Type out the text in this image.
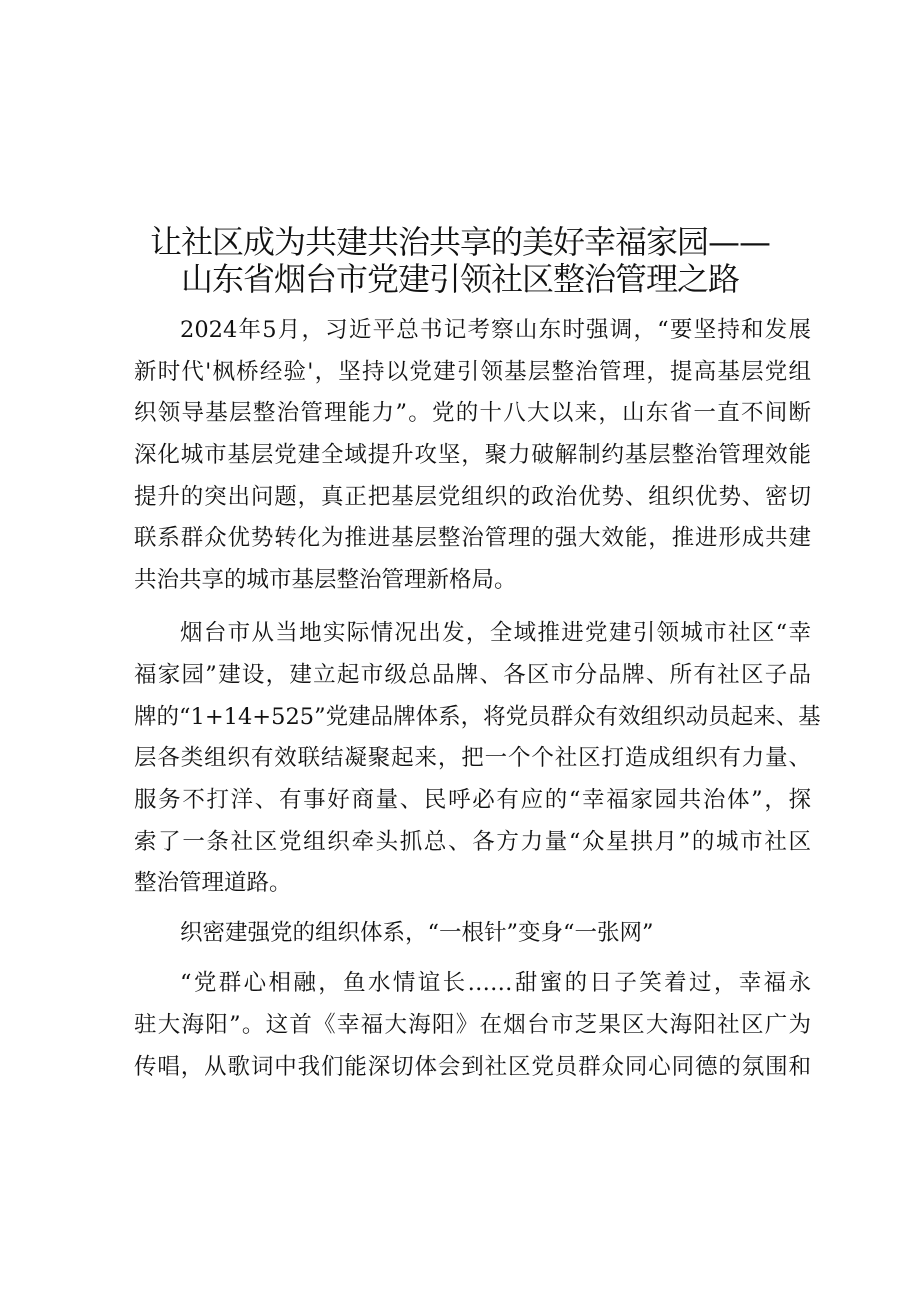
让社区成为共建共治共享的美好幸福家园——
山东省烟台市党建引领社区整治管理之路
2024年5月，习近平总书记考察山东时强调，“要坚持和发展
新时代'枫桥经验'，坚持以党建引领基层整治管理，提高基层党组
织领导基层整治管理能力”。党的十八大以来，山东省一直不间断
深化城市基层党建全域提升攻坚，聚力破解制约基层整治管理效能
提升的突出问题，真正把基层党组织的政治优势、组织优势、密切
联系群众优势转化为推进基层整治管理的强大效能，推进形成共建
共治共享的城市基层整治管理新格局。
烟台市从当地实际情况出发，全域推进党建引领城市社区“幸
福家园”建设，建立起市级总品牌、各区市分品牌、所有社区子品
牌的“1+14+525”党建品牌体系，将党员群众有效组织动员起来、基
层各类组织有效联结凝聚起来，把一个个社区打造成组织有力量、
服务不打洋、有事好商量、民呼必有应的“幸福家园共治体”，探
索了一条社区党组织牵头抓总、各方力量“众星拱月”的城市社区
整治管理道路。
织密建强党的组织体系，“一根针”变身“一张网”
“党群心相融，鱼水情谊长……甜蜜的日子笑着过，幸福永
驻大海阳”。这首《幸福大海阳》在烟台市芝果区大海阳社区广为
传唱，从歌词中我们能深切体会到社区党员群众同心同德的氛围和
